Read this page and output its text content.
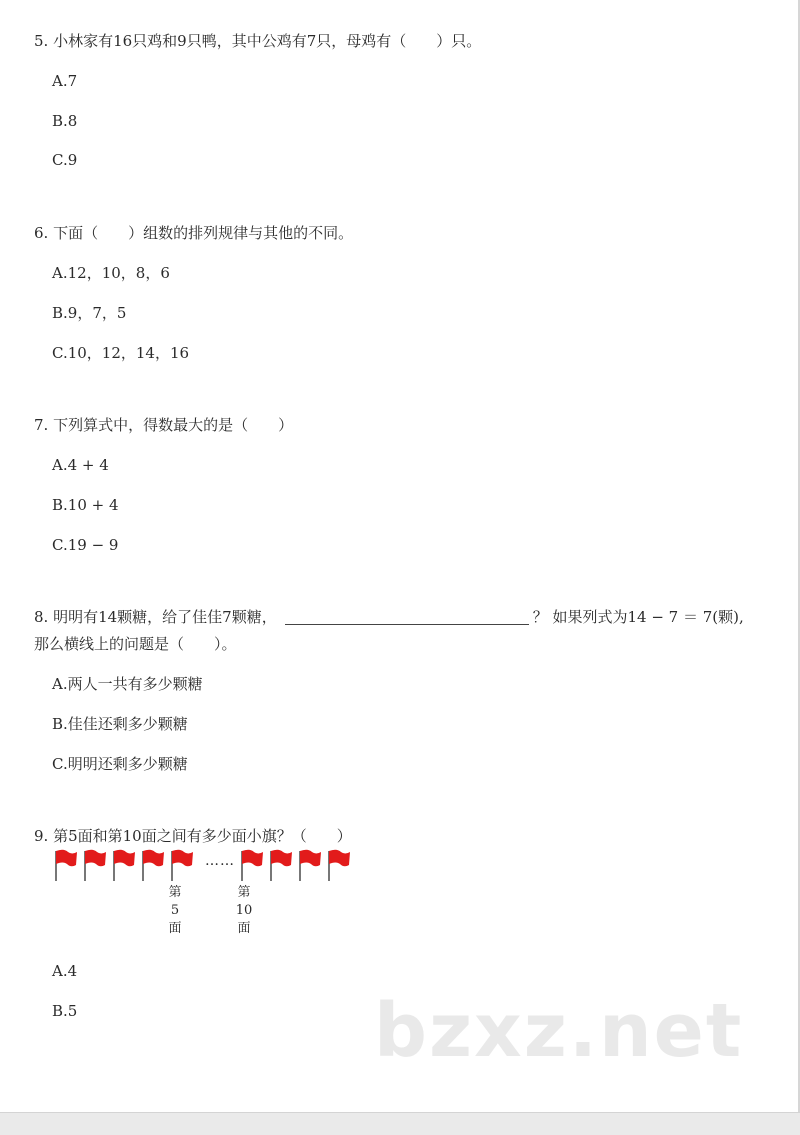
5. 小林家有16只鸡和9只鸭，其中公鸡有7只，母鸡有（　　）只。
A.7
B.8
C.9
6. 下面（　　）组数的排列规律与其他的不同。
A.12，10，8，6
B.9，7，5
C.10，12，14，16
7. 下列算式中，得数最大的是（　　）
A.4 + 4
B.10 + 4
C.19 − 9
8. 明明有14颗糖，给了佳佳7颗糖，	？ 如果列式为14 − 7 ＝ 7(颗),
那么横线上的问题是（　　）。
A.两人一共有多少颗糖
B.佳佳还剩多少颗糖
C.明明还剩多少颗糖
9. 第5面和第10面之间有多少面小旗？（　　）
……
第
5
面
第
10
面
A.4
B.5	bzxz.net
